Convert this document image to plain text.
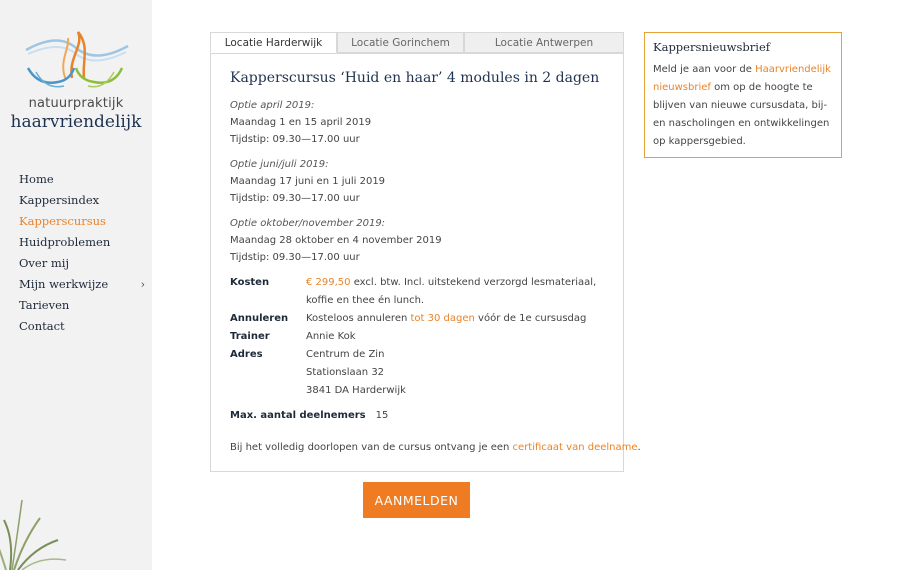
natuurpraktijk
haarvriendelijk
Home
Kappersindex
Kapperscursus
Huidproblemen
Over mij
Mijn werkwijze	›
Tarieven
Contact
Locatie Harderwijk	Locatie Gorinchem	Locatie Antwerpen
Kapperscursus ‘Huid en haar’ 4 modules in 2 dagen
Optie april 2019:
Maandag 1 en 15 april 2019
Tijdstip: 09.30—17.00 uur
Optie juni/juli 2019:
Maandag 17 juni en 1 juli 2019
Tijdstip: 09.30—17.00 uur
Optie oktober/november 2019:
Maandag 28 oktober en 4 november 2019
Tijdstip: 09.30—17.00 uur
Kosten	€ 299,50 excl. btw. Incl. uitstekend verzorgd lesmateriaal, koffie en thee én lunch.
Annuleren Kosteloos annuleren tot 30 dagen vóór de 1e cursusdag
Trainer	Annie Kok
Adres	Centrum de Zin
Stationslaan 32
3841 DA Harderwijk
Max. aantal deelnemers 15
Bij het volledig doorlopen van de cursus ontvang je een certificaat van deelname.
AANMELDEN
Kappersnieuwsbrief
Meld je aan voor de Haarvriendelijk nieuwsbrief om op de hoogte te blijven van nieuwe cursusdata, bij- en nascholingen en ontwikkelingen op kappersgebied.
